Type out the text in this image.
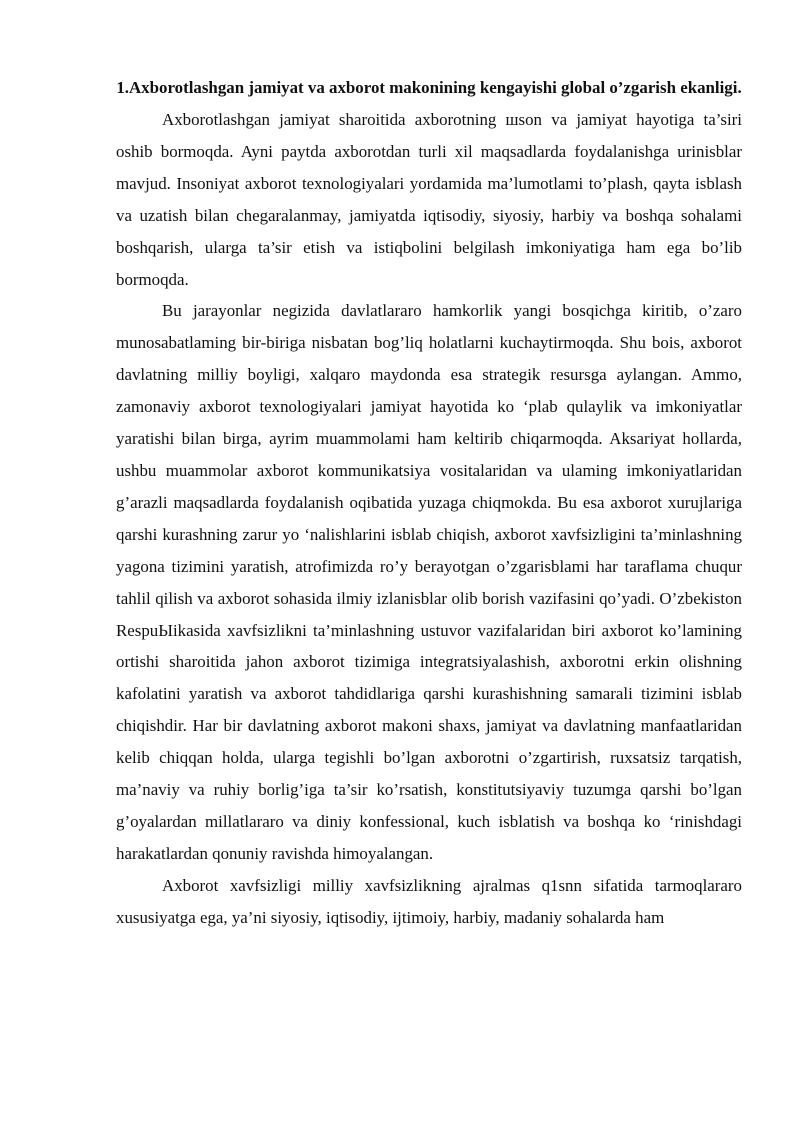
1.Axborotlashgan jamiyat va axborot makonining kengayishi global o’zgarish ekanligi.

Axborotlashgan jamiyat sharoitida axborotning шson va jamiyat hayotiga ta’siri oshib bormoqda. Ayni paytda axborotdan turli xil maqsadlarda foydalanishga urinisblar mavjud. Insoniyat axborot texnologiyalari yordamida ma’lumotlami to’plash, qayta isblash va uzatish bilan chegaralanmay, jamiyatda iqtisodiy, siyosiy, harbiy va boshqa sohalami boshqarish, ularga ta’sir etish va istiqbolini belgilash imkoniyatiga ham ega bo’lib bormoqda.

Bu jarayonlar negizida davlatlararo hamkorlik yangi bosqichga kiritib, o’zaro munosabatlaming bir-biriga nisbatan bog’liq holatlarni kuchaytirmoqda. Shu bois, axborot davlatning milliy boyligi, xalqaro maydonda esa strategik resursga aylangan. Ammo, zamonaviy axborot texnologiyalari jamiyat hayotida ko ‘plab qulaylik va imkoniyatlar yaratishi bilan birga, ayrim muammolami ham keltirib chiqarmoqda. Aksariyat hollarda, ushbu muammolar axborot kommunikatsiya vositalaridan va ulaming imkoniyatlaridan g’arazli maqsadlarda foydalanish oqibatida yuzaga chiqmokda. Bu esa axborot xurujlariga qarshi kurashning zarur yo ‘nalishlarini isblab chiqish, axborot xavfsizligini ta’minlashning yagona tizimini yaratish, atrofimizda ro’y berayotgan o’zgarisblami har taraflama chuqur tahlil qilish va axborot sohasida ilmiy izlanisblar olib borish vazifasini qo’yadi. O’zbekiston RespuЫikasida xavfsizlikni ta’minlashning ustuvor vazifalaridan biri axborot ko’lamining ortishi sharoitida jahon axborot tizimiga integratsiyalashish, axborotni erkin olishning kafolatini yaratish va axborot tahdidlariga qarshi kurashishning samarali tizimini isblab chiqishdir. Har bir davlatning axborot makoni shaxs, jamiyat va davlatning manfaatlaridan kelib chiqqan holda, ularga tegishli bo’lgan axborotni o’zgartirish, ruxsatsiz tarqatish, ma’naviy va ruhiy borlig’iga ta’sir ko’rsatish, konstitutsiyaviy tuzumga qarshi bo’lgan g’oyalardan millatlararo va diniy konfessional, kuch isblatish va boshqa ko ‘rinishdagi harakatlardan qonuniy ravishda himoyalangan.

Axborot xavfsizligi milliy xavfsizlikning ajralmas q1snn sifatida tarmoqlararo xususiyatga ega, ya’ni siyosiy, iqtisodiy, ijtimoiy, harbiy, madaniy sohalarda ham
